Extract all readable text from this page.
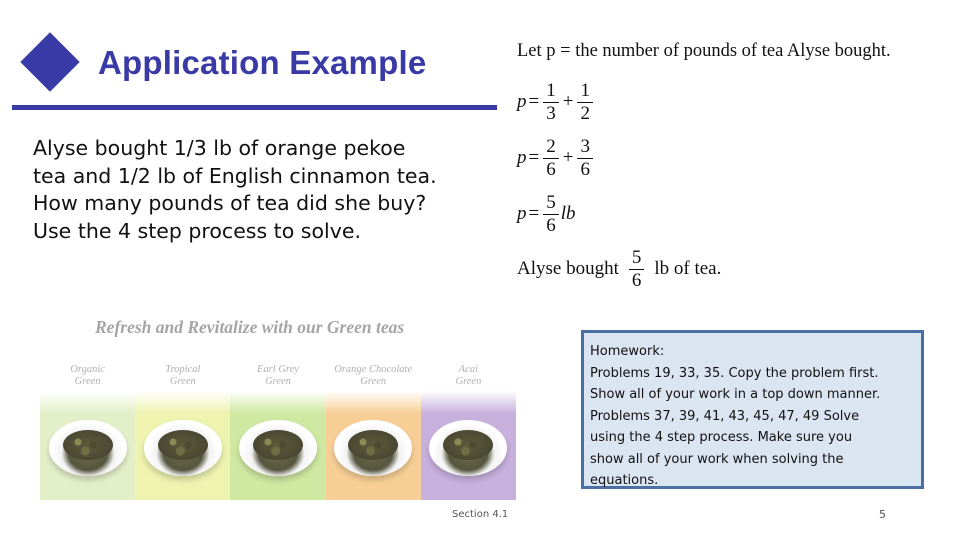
Application Example
Alyse bought 1/3 lb of orange pekoe
tea and 1/2 lb of English cinnamon tea.
How many pounds of tea did she buy?
Use the 4 step process to solve.
Let p = the number of pounds of tea Alyse bought.
$p = \frac{1}{3} + \frac{1}{2}$
$p = \frac{2}{6} + \frac{3}{6}$
$p = \frac{5}{6}$ lb
Alyse bought $\frac{5}{6}$ lb of tea.
Refresh and Revitalize with our Green teas
Organic
Green
Tropical
Green
Earl Grey
Green
Orange Chocolate
Green
Acai
Green
Homework:
Problems 19, 33, 35. Copy the problem first.
Show all of your work in a top down manner.
Problems 37, 39, 41, 43, 45, 47, 49 Solve
using the 4 step process. Make sure you
show all of your work when solving the
equations.
Section 4.1	5
